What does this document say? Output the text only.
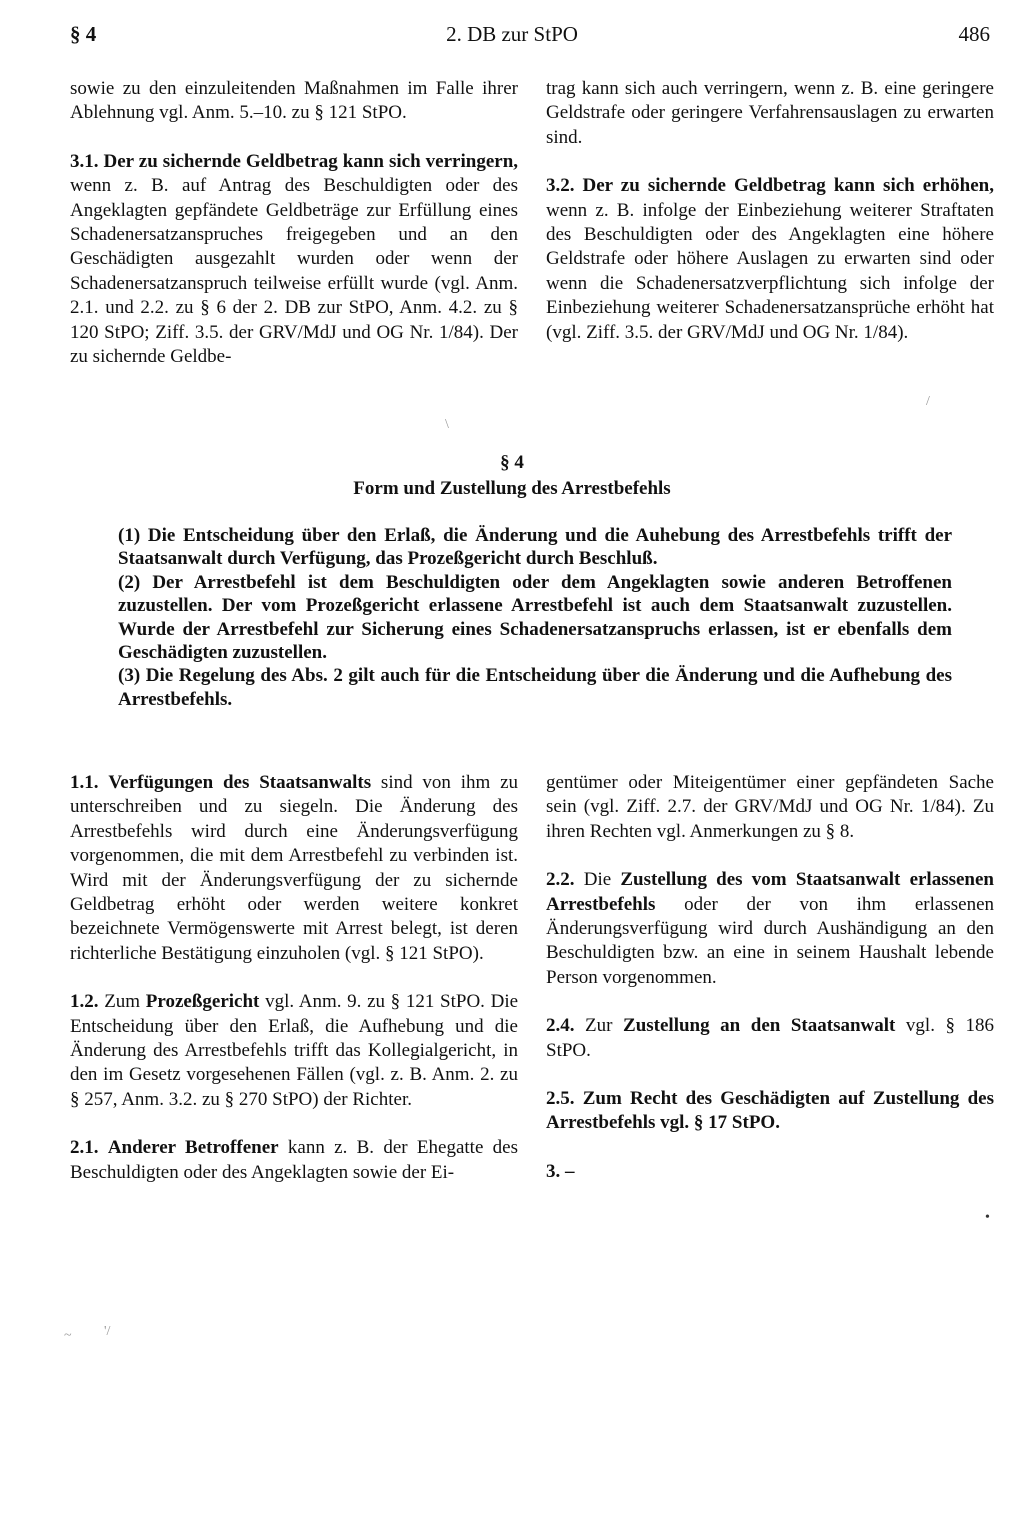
§ 4	2. DB zur StPO	486

sowie zu den einzuleitenden Maßnahmen im Falle ihrer Ablehnung vgl. Anm. 5.–10. zu § 121 StPO.

3.1. Der zu sichernde Geldbetrag kann sich verringern, wenn z. B. auf Antrag des Beschuldigten oder des Angeklagten gepfändete Geldbeträge zur Erfüllung eines Schadenersatzanspruches freigegeben und an den Geschädigten ausgezahlt wurden oder wenn der Schadenersatzanspruch teilweise erfüllt wurde (vgl. Anm. 2.1. und 2.2. zu § 6 der 2. DB zur StPO, Anm. 4.2. zu § 120 StPO; Ziff. 3.5. der GRV/MdJ und OG Nr. 1/84). Der zu sichernde Geldbe-

trag kann sich auch verringern, wenn z. B. eine geringere Geldstrafe oder geringere Verfahrensauslagen zu erwarten sind.

3.2. Der zu sichernde Geldbetrag kann sich erhöhen, wenn z. B. infolge der Einbeziehung weiterer Straftaten des Beschuldigten oder des Angeklagten eine höhere Geldstrafe oder höhere Auslagen zu erwarten sind oder wenn die Schadenersatzverpflichtung sich infolge der Einbeziehung weiterer Schadenersatzansprüche erhöht hat (vgl. Ziff. 3.5. der GRV/MdJ und OG Nr. 1/84).

§ 4
Form und Zustellung des Arrestbefehls

(1) Die Entscheidung über den Erlaß, die Änderung und die Auhebung des Arrestbefehls trifft der Staatsanwalt durch Verfügung, das Prozeßgericht durch Beschluß.

(2) Der Arrestbefehl ist dem Beschuldigten oder dem Angeklagten sowie anderen Betroffenen zuzustellen. Der vom Prozeßgericht erlassene Arrestbefehl ist auch dem Staatsanwalt zuzustellen. Wurde der Arrestbefehl zur Sicherung eines Schadenersatzanspruchs erlassen, ist er ebenfalls dem Geschädigten zuzustellen.

(3) Die Regelung des Abs. 2 gilt auch für die Entscheidung über die Änderung und die Aufhebung des Arrestbefehls.

1.1. Verfügungen des Staatsanwalts sind von ihm zu unterschreiben und zu siegeln. Die Änderung des Arrestbefehls wird durch eine Änderungsverfügung vorgenommen, die mit dem Arrestbefehl zu verbinden ist. Wird mit der Änderungsverfügung der zu sichernde Geldbetrag erhöht oder werden weitere konkret bezeichnete Vermögenswerte mit Arrest belegt, ist deren richterliche Bestätigung einzuholen (vgl. § 121 StPO).

1.2. Zum Prozeßgericht vgl. Anm. 9. zu § 121 StPO. Die Entscheidung über den Erlaß, die Aufhebung und die Änderung des Arrestbefehls trifft das Kollegialgericht, in den im Gesetz vorgesehenen Fällen (vgl. z. B. Anm. 2. zu § 257, Anm. 3.2. zu § 270 StPO) der Richter.

2.1. Anderer Betroffener kann z. B. der Ehegatte des Beschuldigten oder des Angeklagten sowie der Ei-

gentümer oder Miteigentümer einer gepfändeten Sache sein (vgl. Ziff. 2.7. der GRV/MdJ und OG Nr. 1/84). Zu ihren Rechten vgl. Anmerkungen zu § 8.

2.2. Die Zustellung des vom Staatsanwalt erlassenen Arrestbefehls oder der von ihm erlassenen Änderungsverfügung wird durch Aushändigung an den Beschuldigten bzw. an eine in seinem Haushalt lebende Person vorgenommen.

2.4. Zur Zustellung an den Staatsanwalt vgl. § 186 StPO.

2.5. Zum Recht des Geschädigten auf Zustellung des Arrestbefehls vgl. § 17 StPO.

3. –

\
/
•
~ '/
